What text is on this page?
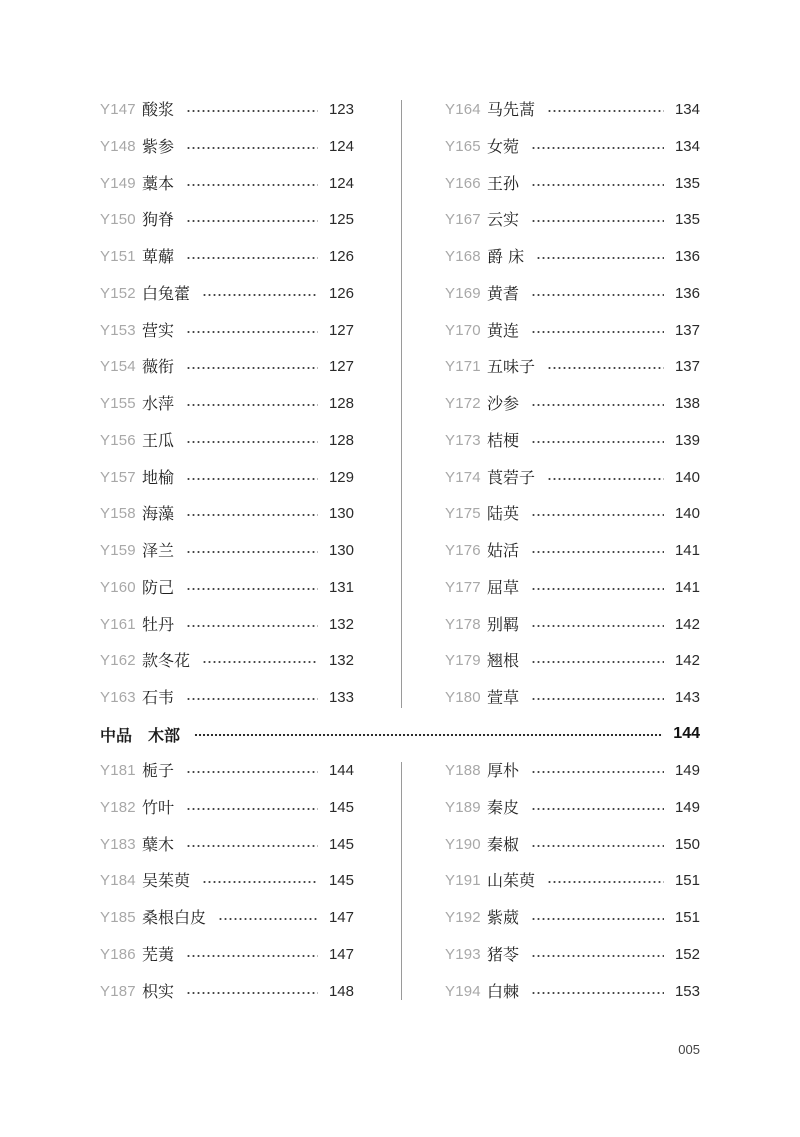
Y147 酸浆	123
Y148 紫参	124
Y149 藁本	124
Y150 狗脊	125
Y151 萆薢	126
Y152 白兔藿	126
Y153 营实	127
Y154 薇衔	127
Y155 水萍	128
Y156 王瓜	128
Y157 地榆	129
Y158 海藻	130
Y159 泽兰	130
Y160 防己	131
Y161 牡丹	132
Y162 款冬花	132
Y163 石韦	133
Y164 马先蒿	134
Y165 女菀	134
Y166 王孙	135
Y167 云实	135
Y168 爵 床	136
Y169 黄耆	136
Y170 黄连	137
Y171 五味子	137
Y172 沙参	138
Y173 桔梗	139
Y174 莨菪子	140
Y175 陆英	140
Y176 姑活	141
Y177 屈草	141
Y178 别羁	142
Y179 翘根	142
Y180 萱草	143
中品　木部	144
Y181 栀子	144
Y182 竹叶	145
Y183 蘖木	145
Y184 吴茱萸	145
Y185 桑根白皮	147
Y186 芜荑	147
Y187 枳实	148
Y188 厚朴	149
Y189 秦皮	149
Y190 秦椒	150
Y191 山茱萸	151
Y192 紫葳	151
Y193 猪苓	152
Y194 白棘	153
005
